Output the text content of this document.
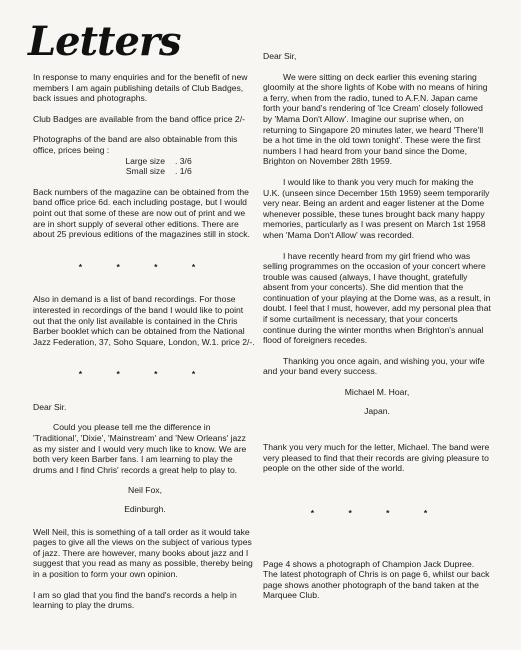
Letters

In response to many enquiries and for the benefit of new members I am again publishing details of Club Badges, back issues and photographs.

Club Badges are available from the band office price 2/-

Photographs of the band are also obtainable from this office, prices being :

Large size . 3/6
Small size . 1/6

Back numbers of the magazine can be obtained from the band office price 6d. each including postage, but I would point out that some of these are now out of print and we are in short supply of several other editions. There are about 25 previous editions of the magazines still in stock.

* * * *

Also in demand is a list of band recordings. For those interested in recordings of the band I would like to point out that the only list available is contained in the Chris Barber booklet which can be obtained from the National Jazz Federation, 37, Soho Square, London, W.1. price 2/-.

* * * *

Dear Sir.

Could you please tell me the difference in 'Traditional', 'Dixie', 'Mainstream' and 'New Orleans' jazz as my sister and I would very much like to know. We are both very keen Barber fans. I am learning to play the drums and I find Chris' records a great help to play to.

Neil Fox,

Edinburgh.

Well Neil, this is something of a tall order as it would take pages to give all the views on the subject of various types of jazz. There are however, many books about jazz and I suggest that you read as many as possible, thereby being in a position to form your own opinion.

I am so glad that you find the band's records a help in learning to play the drums.

Dear Sir,

We were sitting on deck earlier this evening staring gloomily at the shore lights of Kobe with no means of hiring a ferry, when from the radio, tuned to A.F.N. Japan came forth your band's rendering of 'Ice Cream' closely followed by 'Mama Don't Allow'. Imagine our suprise when, on returning to Singapore 20 minutes later, we heard 'There'll be a hot time in the old town tonight'. These were the first numbers I had heard from your band since the Dome, Brighton on November 28th 1959.

I would like to thank you very much for making the U.K. (unseen since December 15th 1959) seem temporarily very near. Being an ardent and eager listener at the Dome whenever possible, these tunes brought back many happy memories, particularly as I was present on March 1st 1958 when 'Mama Don't Allow' was recorded.

I have recently heard from my girl friend who was selling programmes on the occasion of your concert where trouble was caused (always, I have thought, gratefully absent from your concerts). She did mention that the continuation of your playing at the Dome was, as a result, in doubt. I feel that I must, however, add my personal plea that if some curtailment is necessary, that your concerts continue during the winter months when Brighton's annual flood of foreigners recedes.

Thanking you once again, and wishing you, your wife and your band every success.

Michael M. Hoar,

Japan.

Thank you very much for the letter, Michael. The band were very pleased to find that their records are giving pleasure to people on the other side of the world.

* * * *

Page 4 shows a photograph of Champion Jack Dupree. The latest photograph of Chris is on page 6, whilst our back page shows another photograph of the band taken at the Marquee Club.
